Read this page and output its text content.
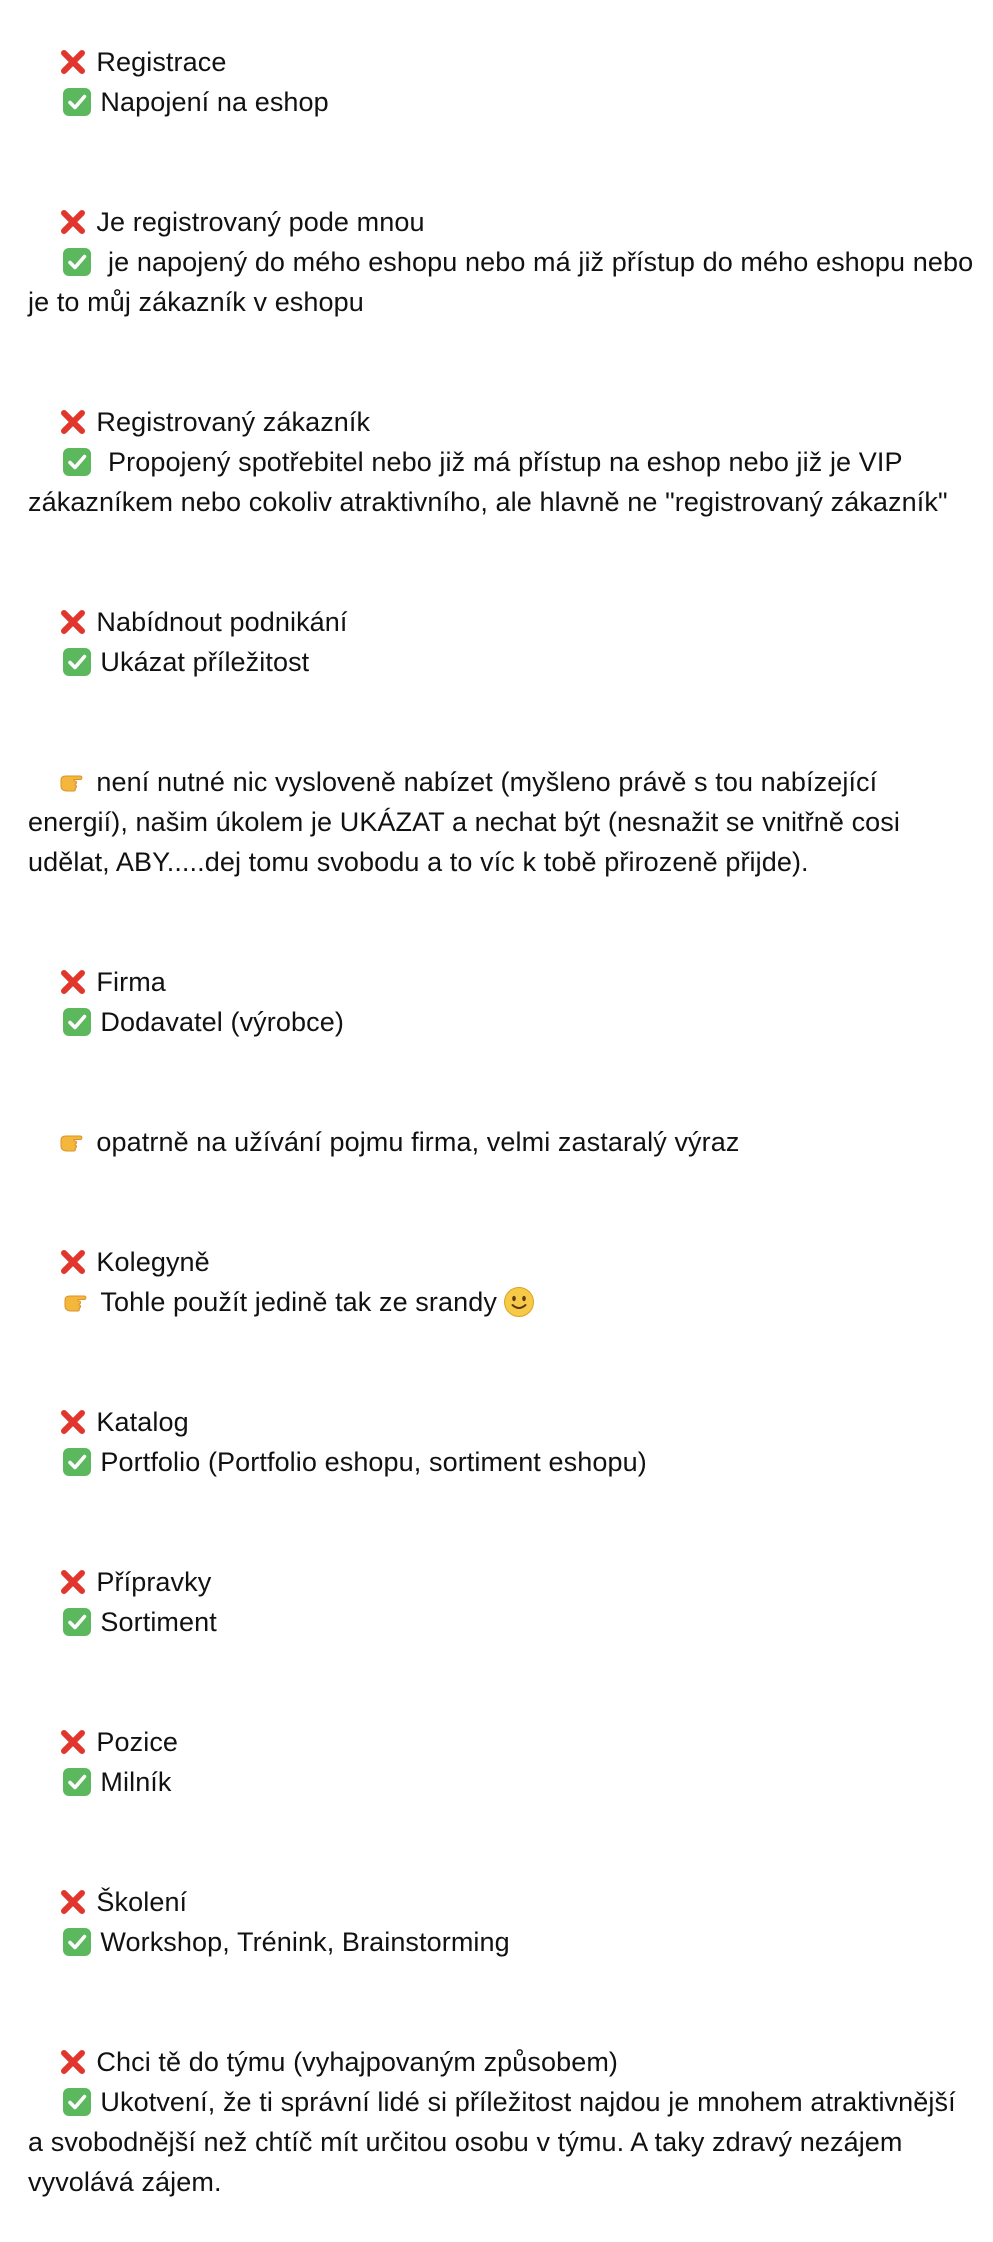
Registrace

Napojení na eshop

Je registrovaný pode mnou

je napojený do mého eshopu nebo má již přístup do mého eshopu nebo je to můj zákazník v eshopu

Registrovaný zákazník

Propojený spotřebitel nebo již má přístup na eshop nebo již je VIP zákazníkem nebo cokoliv atraktivního, ale hlavně ne "registrovaný zákazník"

Nabídnout podnikání

Ukázat příležitost

není nutné nic vysloveně nabízet (myšleno právě s tou nabízející energií), našim úkolem je UKÁZAT a nechat být (nesnažit se vnitřně cosi udělat, ABY.....dej tomu svobodu a to víc k tobě přirozeně přijde).

Firma

Dodavatel (výrobce)

opatrně na užívání pojmu firma, velmi zastaralý výraz

Kolegyně

Tohle použít jedině tak ze srandy

Katalog

Portfolio (Portfolio eshopu, sortiment eshopu)

Přípravky

Sortiment

Pozice

Milník

Školení

Workshop, Trénink, Brainstorming

Chci tě do týmu (vyhajpovaným způsobem)

Ukotvení, že ti správní lidé si příležitost najdou je mnohem atraktivnější a svobodnější než chtíč mít určitou osobu v týmu. A taky zdravý nezájem vyvolává zájem.
